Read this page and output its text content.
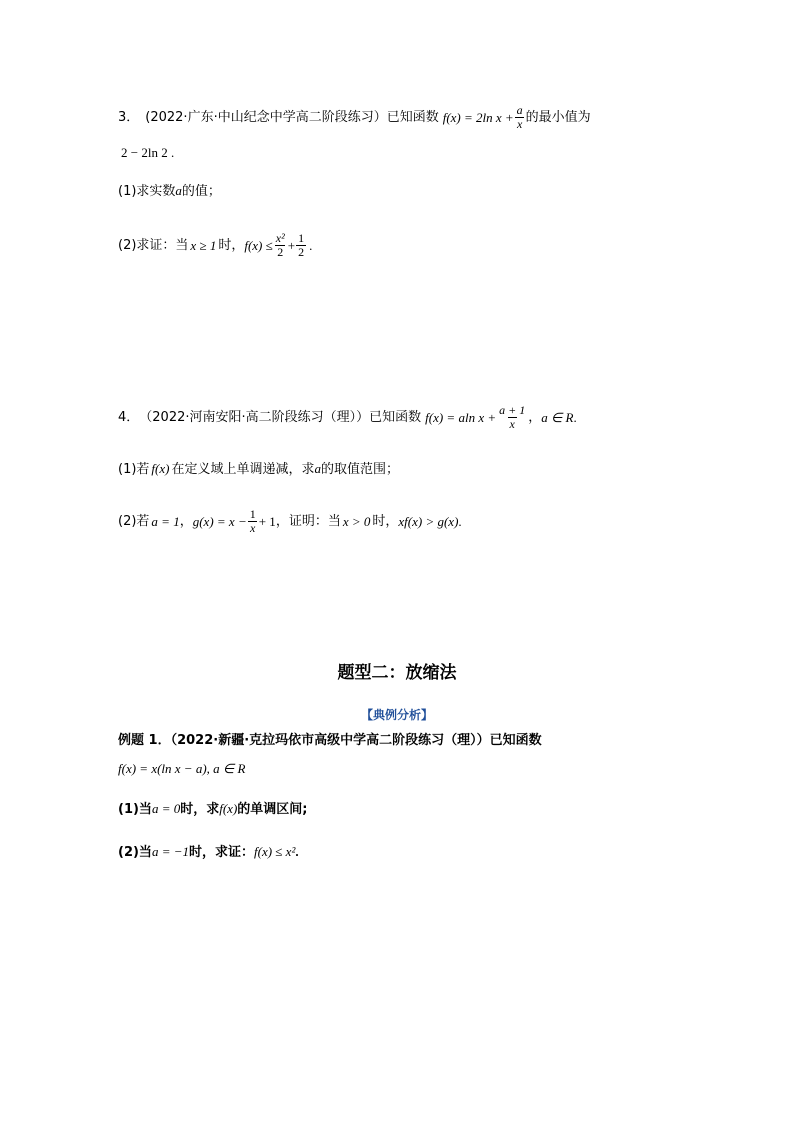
3． (2022·广东·中山纪念中学高二阶段练习）已知函数 f(x) = 2ln $x + \frac{a}{x}$ 的最小值为
2 − 2ln 2 .
(1)求实数a的值；
(2)求证：当 x ≥ 1 时， $f(x) \le \frac{\text{x²}}{2} + \frac{1}{2}$ .
4． （2022·河南安阳·高二阶段练习（理））已知函数 f(x) = aln $x + \frac{a + 1}{x}$ ， a ∈ R .
(1)若 f(x) 在定义域上单调递减，求a的取值范围；
(2)若 a = 1 ， $g(x) = x - \frac{1}{x} + 1$ ，证明：当 x > 0 时， xf(x) > g(x) .
题型二：放缩法
【典例分析】
例题 1．（2022·新疆·克拉玛依市高级中学高二阶段练习（理））已知函数
f(x) = x(ln x − a), a ∈ R
(1)当a = 0时，求f(x)的单调区间;
(2)当a = −1时，求证：f(x) ≤ x².
